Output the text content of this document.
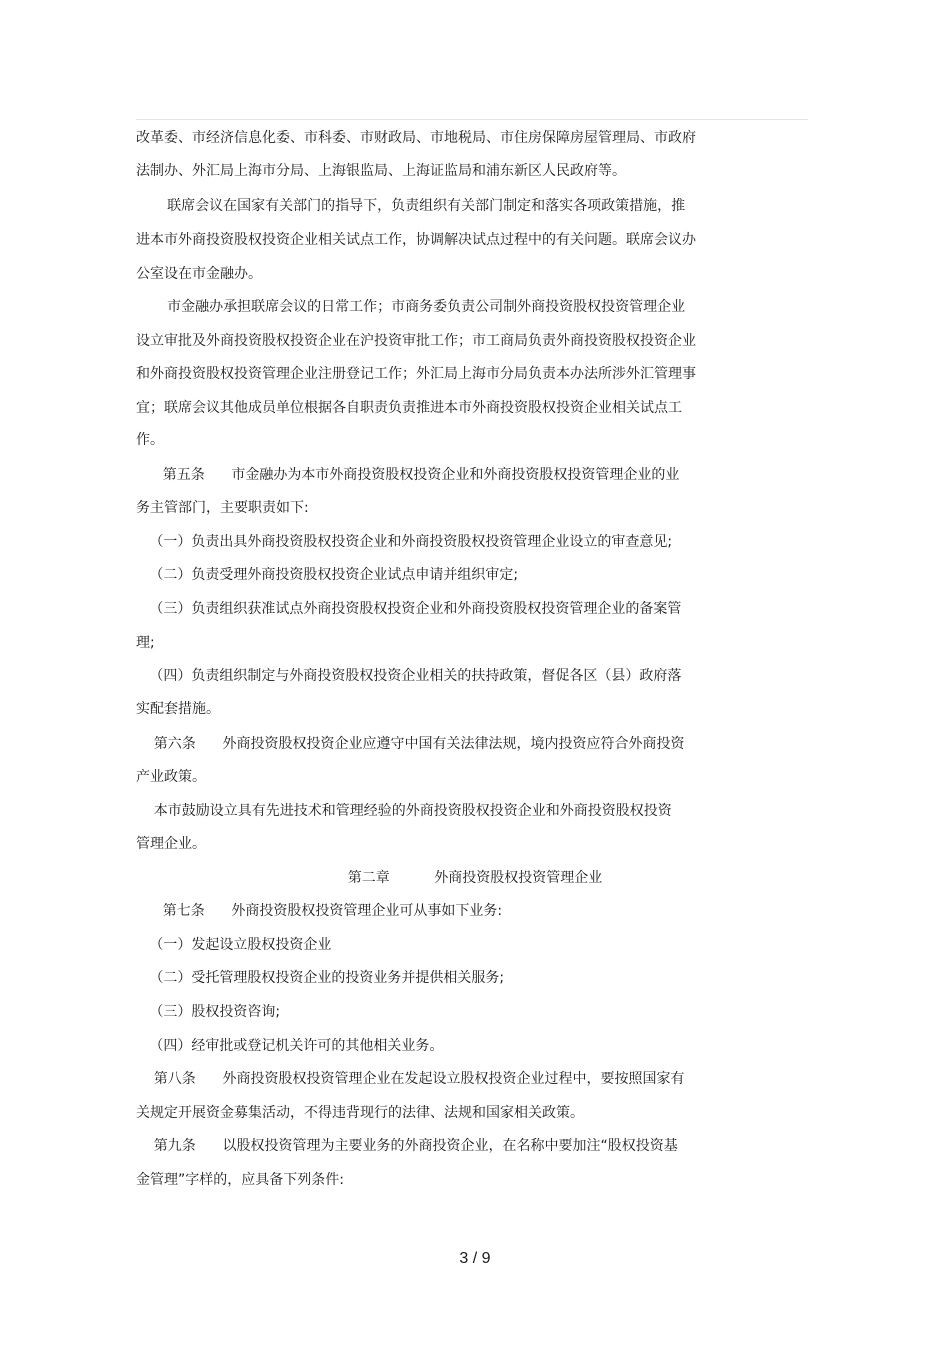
改革委、市经济信息化委、市科委、市财政局、市地税局、市住房保障房屋管理局、市政府
法制办、外汇局上海市分局、上海银监局、上海证监局和浦东新区人民政府等。
联席会议在国家有关部门的指导下，负责组织有关部门制定和落实各项政策措施，推
进本市外商投资股权投资企业相关试点工作，协调解决试点过程中的有关问题。联席会议办
公室设在市金融办。
市金融办承担联席会议的日常工作；市商务委负责公司制外商投资股权投资管理企业
设立审批及外商投资股权投资企业在沪投资审批工作；市工商局负责外商投资股权投资企业
和外商投资股权投资管理企业注册登记工作；外汇局上海市分局负责本办法所涉外汇管理事
宜；联席会议其他成员单位根据各自职责负责推进本市外商投资股权投资企业相关试点工
作。
第五条      市金融办为本市外商投资股权投资企业和外商投资股权投资管理企业的业
务主管部门，主要职责如下:
（一）负责出具外商投资股权投资企业和外商投资股权投资管理企业设立的审查意见;
（二）负责受理外商投资股权投资企业试点申请并组织审定;
（三）负责组织获准试点外商投资股权投资企业和外商投资股权投资管理企业的备案管
理;
（四）负责组织制定与外商投资股权投资企业相关的扶持政策，督促各区（县）政府落
实配套措施。
第六条      外商投资股权投资企业应遵守中国有关法律法规，境内投资应符合外商投资
产业政策。
本市鼓励设立具有先进技术和管理经验的外商投资股权投资企业和外商投资股权投资
管理企业。
第二章          外商投资股权投资管理企业
第七条      外商投资股权投资管理企业可从事如下业务:
（一）发起设立股权投资企业
（二）受托管理股权投资企业的投资业务并提供相关服务;
（三）股权投资咨询;
（四）经审批或登记机关许可的其他相关业务。
第八条      外商投资股权投资管理企业在发起设立股权投资企业过程中，要按照国家有
关规定开展资金募集活动，不得违背现行的法律、法规和国家相关政策。
第九条      以股权投资管理为主要业务的外商投资企业，在名称中要加注“股权投资基
金管理”字样的，应具备下列条件:
3 / 9
